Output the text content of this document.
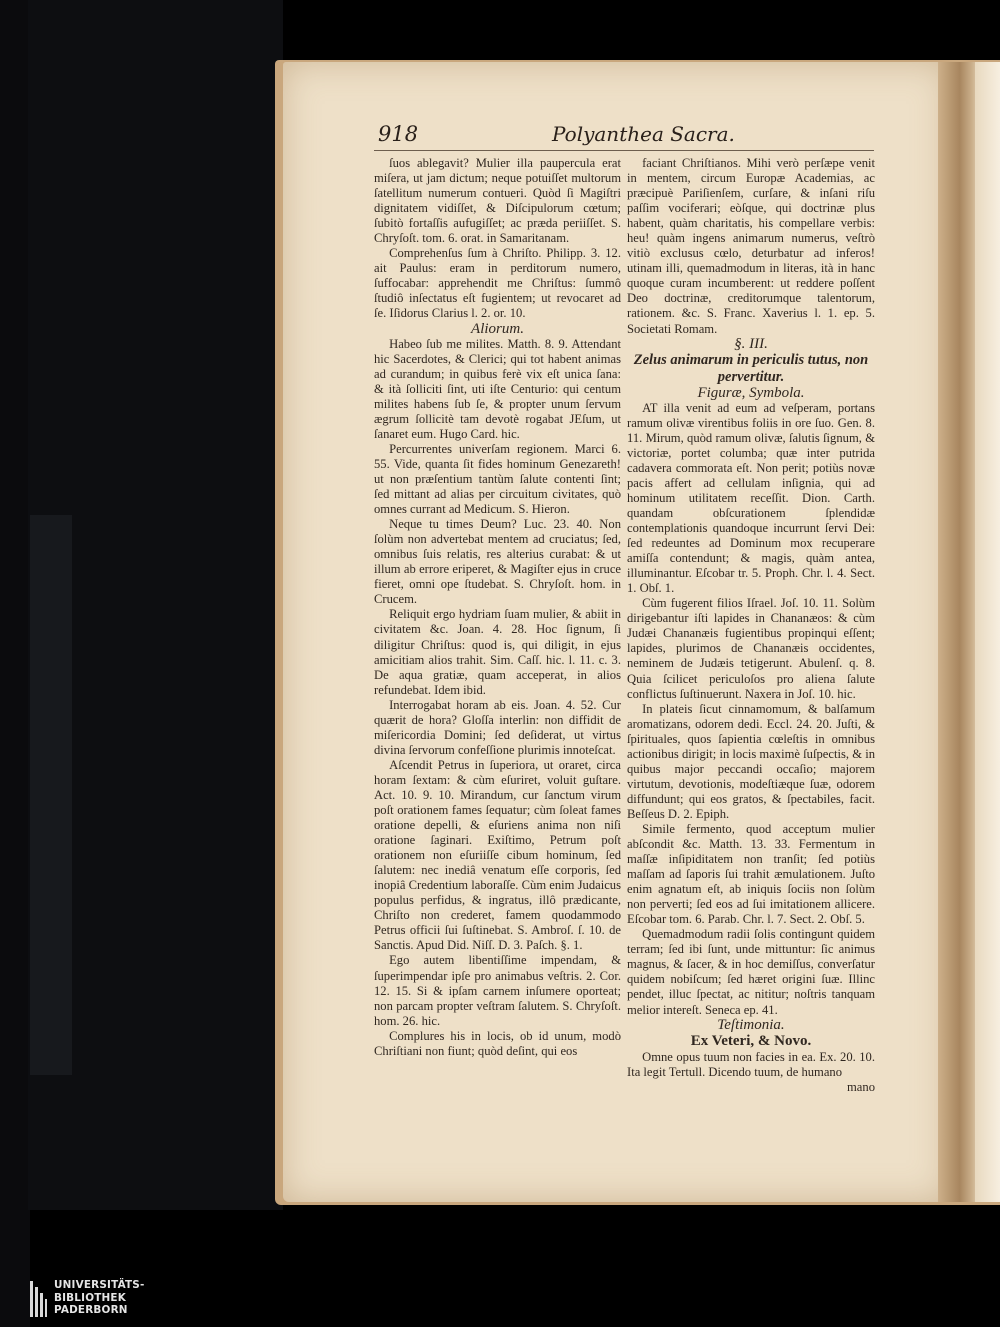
918	Polyanthea Sacra.

ſuos ablegavit? Mulier illa paupercula erat miſera, ut jam dictum; neque potuiſſet multorum ſatellitum numerum contueri. Quòd ſi Magiſtri dignitatem vidiſſet, & Diſcipulorum cœtum; ſubitò fortaſſis aufugiſſet; ac præda periiſſet. S. Chryſoſt. tom. 6. orat. in Samaritanam.

Comprehenſus ſum à Chriſto. Philipp. 3. 12. ait Paulus: eram in perditorum numero, ſuffocabar: apprehendit me Chriſtus: ſummô ſtudiô inſectatus eſt fugientem; ut revocaret ad ſe. Iſidorus Clarius l. 2. or. 10.

Aliorum.

Habeo ſub me milites. Matth. 8. 9. Attendant hic Sacerdotes, & Clerici; qui tot habent animas ad curandum; in quibus ferè vix eſt unica ſana: & ità ſolliciti ſint, uti iſte Centurio: qui centum milites habens ſub ſe, & propter unum ſervum ægrum ſollicitè tam devotè rogabat JEſum, ut ſanaret eum. Hugo Card. hic.

Percurrentes univerſam regionem. Marci 6. 55. Vide, quanta ſit fides hominum Genezareth! ut non præſentium tantùm ſalute contenti ſint; ſed mittant ad alias per circuitum civitates, quò omnes currant ad Medicum. S. Hieron.

Neque tu times Deum? Luc. 23. 40. Non ſolùm non advertebat mentem ad cruciatus; ſed, omnibus ſuis relatis, res alterius curabat: & ut illum ab errore eriperet, & Magiſter ejus in cruce fieret, omni ope ſtudebat. S. Chryſoſt. hom. in Crucem.

Reliquit ergo hydriam ſuam mulier, & abiit in civitatem &c. Joan. 4. 28. Hoc ſignum, ſi diligitur Chriſtus: quod is, qui diligit, in ejus amicitiam alios trahit. Sim. Caſſ. hic. l. 11. c. 3. De aqua gratiæ, quam acceperat, in alios refundebat. Idem ibid.

Interrogabat horam ab eis. Joan. 4. 52. Cur quærit de hora? Gloſſa interlin: non diffidit de miſericordia Domini; ſed deſiderat, ut virtus divina ſervorum confeſſione plurimis innoteſcat.

Aſcendit Petrus in ſuperiora, ut oraret, circa horam ſextam: & cùm eſuriret, voluit guſtare. Act. 10. 9. 10. Mirandum, cur ſanctum virum poſt orationem fames ſequatur; cùm ſoleat fames oratione depelli, & eſuriens anima non niſi oratione ſaginari. Exiſtimo, Petrum poſt orationem non eſuriiſſe cibum hominum, ſed ſalutem: nec inediâ venatum eſſe corporis, ſed inopiâ Credentium laboraſſe. Cùm enim Judaicus populus perfidus, & ingratus, illô prædicante, Chriſto non crederet, famem quodammodo Petrus officii ſui ſuſtinebat. S. Ambroſ. ſ. 10. de Sanctis. Apud Did. Niſſ. D. 3. Paſch. §. 1.

Ego autem libentiſſime impendam, & ſuperimpendar ipſe pro animabus veſtris. 2. Cor. 12. 15. Si & ipſam carnem inſumere oporteat; non parcam propter veſtram ſalutem. S. Chryſoſt. hom. 26. hic.

Complures his in locis, ob id unum, modò Chriſtiani non fiunt; quòd deſint, qui eos

faciant Chriſtianos. Mihi verò perſæpe venit in mentem, circum Europæ Academias, ac præcipuè Pariſienſem, curſare, & inſani riſu paſſim vociferari; eòſque, qui doctrinæ plus habent, quàm charitatis, his compellare verbis: heu! quàm ingens animarum numerus, veſtrò vitiò exclusus cœlo, deturbatur ad inferos! utinam illi, quemadmodum in literas, ità in hanc quoque curam incumberent: ut reddere poſſent Deo doctrinæ, creditorumque talentorum, rationem. &c. S. Franc. Xaverius l. 1. ep. 5. Societati Romam.

§. III.

Zelus animarum in periculis tutus, non pervertitur.

Figuræ, Symbola.

AT illa venit ad eum ad veſperam, portans ramum olivæ virentibus foliis in ore ſuo. Gen. 8. 11. Mirum, quòd ramum olivæ, ſalutis ſignum, & victoriæ, portet columba; quæ inter putrida cadavera commorata eſt. Non perit; potiùs novæ pacis affert ad cellulam inſignia, qui ad hominum utilitatem receſſit. Dion. Carth. quandam obſcurationem ſplendidæ contemplationis quandoque incurrunt ſervi Dei: ſed redeuntes ad Dominum mox recuperare amiſſa contendunt; & magis, quàm antea, illuminantur. Eſcobar tr. 5. Proph. Chr. l. 4. Sect. 1. Obſ. 1.

Cùm fugerent filios Iſrael. Joſ. 10. 11. Solùm dirigebantur iſti lapides in Chananæos: & cùm Judæi Chananæis fugientibus propinqui eſſent; lapides, plurimos de Chananæis occidentes, neminem de Judæis tetigerunt. Abulenſ. q. 8. Quia ſcilicet periculoſos pro aliena ſalute conflictus ſuſtinuerunt. Naxera in Joſ. 10. hic.

In plateis ſicut cinnamomum, & balſamum aromatizans, odorem dedi. Eccl. 24. 20. Juſti, & ſpirituales, quos ſapientia cœleſtis in omnibus actionibus dirigit; in locis maximè ſuſpectis, & in quibus major peccandi occaſio; majorem virtutum, devotionis, modeſtiæque ſuæ, odorem diffundunt; qui eos gratos, & ſpectabiles, facit. Beſſeus D. 2. Epiph.

Simile fermento, quod acceptum mulier abſcondit &c. Matth. 13. 33. Fermentum in maſſæ inſipiditatem non tranſit; ſed potiùs maſſam ad ſaporis ſui trahit æmulationem. Juſto enim agnatum eſt, ab iniquis ſociis non ſolùm non perverti; ſed eos ad ſui imitationem allicere. Eſcobar tom. 6. Parab. Chr. l. 7. Sect. 2. Obſ. 5.

Quemadmodum radii ſolis contingunt quidem terram; ſed ibi ſunt, unde mittuntur: ſic animus magnus, & ſacer, & in hoc demiſſus, converſatur quidem nobiſcum; ſed hæret origini ſuæ. Illinc pendet, illuc ſpectat, ac nititur; noſtris tanquam melior intereſt. Seneca ep. 41.

Teſtimonia.

Ex Veteri, & Novo.

Omne opus tuum non facies in ea. Ex. 20. 10. Ita legit Tertull. Dicendo tuum, de humano

mano
UNIVERSITÄTS-
BIBLIOTHEK
PADERBORN
